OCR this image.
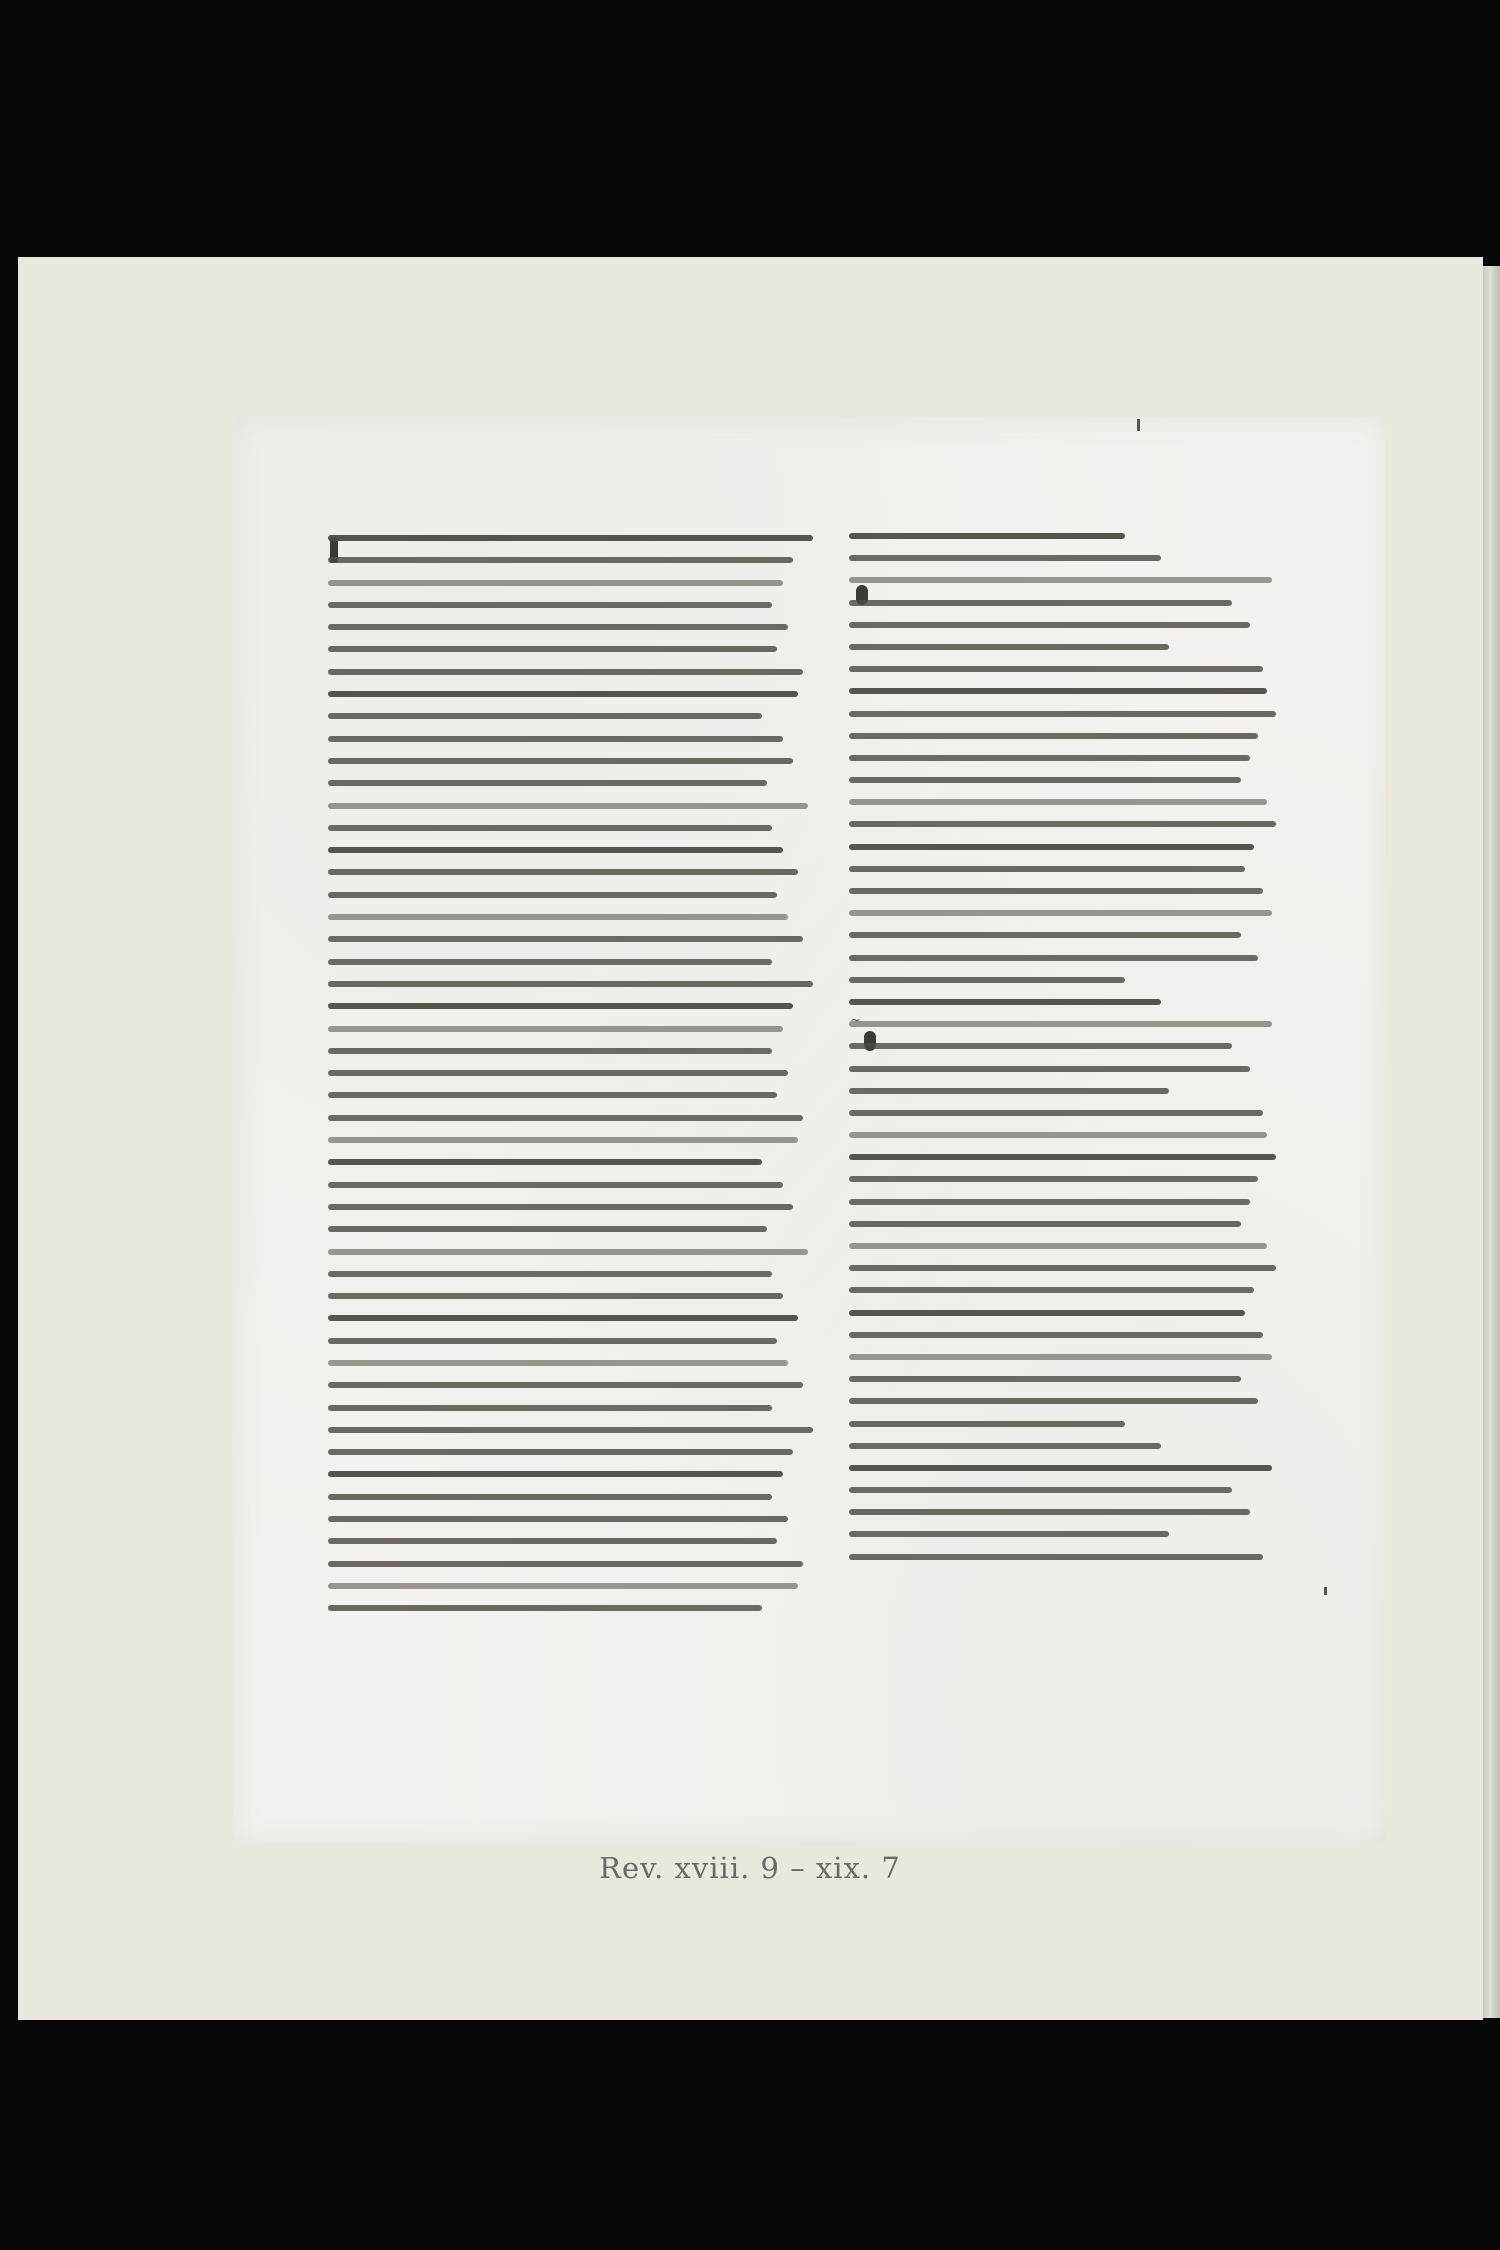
Rev. xviii. 9 – xix. 7
